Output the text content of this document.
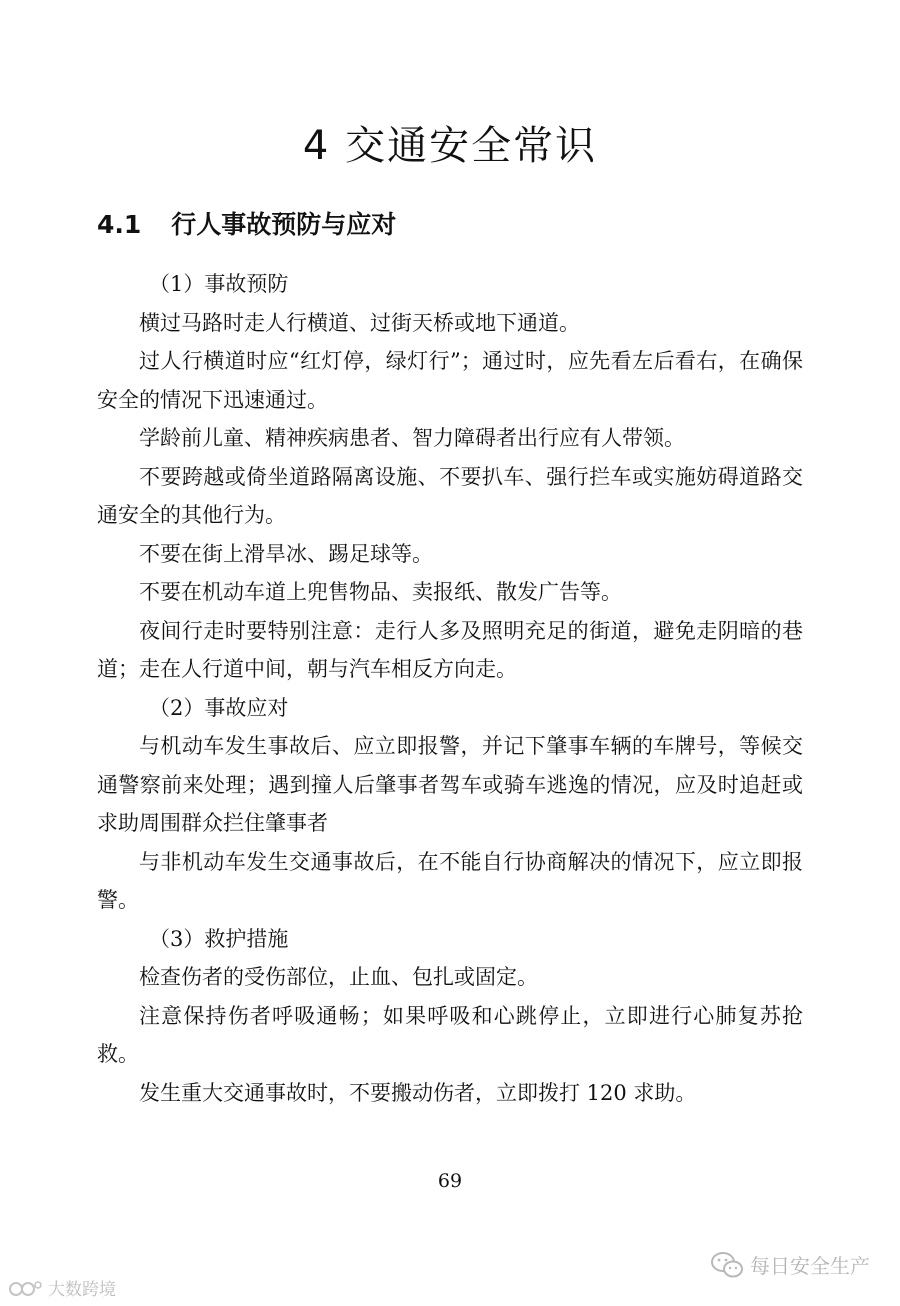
4 交通安全常识
4.1 行人事故预防与应对

（1）事故预防

横过马路时走人行横道、过街天桥或地下通道。

过人行横道时应“红灯停，绿灯行”；通过时，应先看左后看右，在确保安全的情况下迅速通过。

学龄前儿童、精神疾病患者、智力障碍者出行应有人带领。

不要跨越或倚坐道路隔离设施、不要扒车、强行拦车或实施妨碍道路交通安全的其他行为。

不要在街上滑旱冰、踢足球等。

不要在机动车道上兜售物品、卖报纸、散发广告等。

夜间行走时要特别注意：走行人多及照明充足的街道，避免走阴暗的巷道；走在人行道中间，朝与汽车相反方向走。

（2）事故应对

与机动车发生事故后、应立即报警，并记下肇事车辆的车牌号，等候交通警察前来处理；遇到撞人后肇事者驾车或骑车逃逸的情况，应及时追赶或求助周围群众拦住肇事者

与非机动车发生交通事故后，在不能自行协商解决的情况下，应立即报警。

（3）救护措施

检查伤者的受伤部位，止血、包扎或固定。

注意保持伤者呼吸通畅；如果呼吸和心跳停止，立即进行心肺复苏抢救。

发生重大交通事故时，不要搬动伤者，立即拨打 120 求助。

69
大数跨境
每日安全生产
